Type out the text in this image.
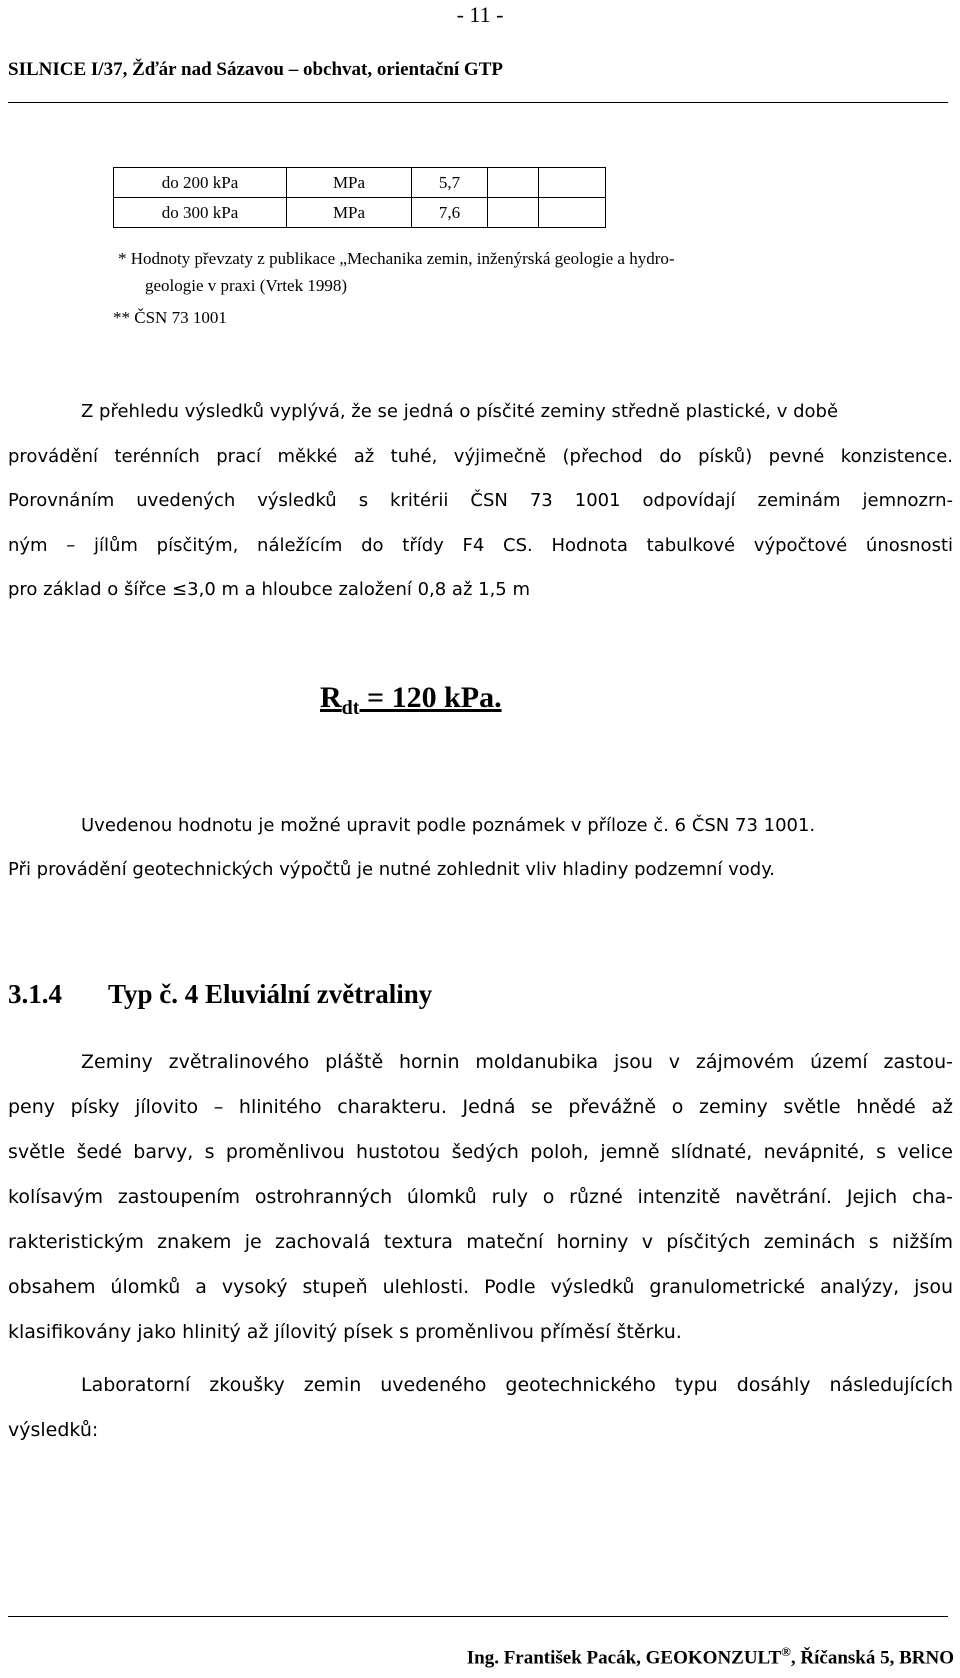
- 11 -
SILNICE I/37, Žďár nad Sázavou – obchvat, orientační GTP
do 200 kPa	MPa	5,7		
do 300 kPa	MPa	7,6		
* Hodnoty převzaty z publikace „Mechanika zemin, inženýrská geologie a hydro-
geologie v praxi (Vrtek 1998)
** ČSN 73 1001
Z přehledu výsledků vyplývá, že se jedná o písčité zeminy středně plastické, v době
provádění terénních prací měkké až tuhé, výjimečně (přechod do písků) pevné konzistence.
Porovnáním uvedených výsledků s kritérii ČSN 73 1001 odpovídají zeminám jemnozrn-
ným – jílům písčitým, náležícím do třídy F4 CS. Hodnota tabulkové výpočtové únosnosti
pro základ o šířce ≤3,0 m a hloubce založení 0,8 až 1,5 m
$R_{dt} = 120$ kPa.
Uvedenou hodnotu je možné upravit podle poznámek v příloze č. 6 ČSN 73 1001.
Při provádění geotechnických výpočtů je nutné zohlednit vliv hladiny podzemní vody.
3.1.4 Typ č. 4 Eluviální zvětraliny
Zeminy zvětralinového pláště hornin moldanubika jsou v zájmovém území zastou-
peny písky jílovito – hlinitého charakteru. Jedná se převážně o zeminy světle hnědé až
světle šedé barvy, s proměnlivou hustotou šedých poloh, jemně slídnaté, nevápnité, s velice
kolísavým zastoupením ostrohranných úlomků ruly o různé intenzitě navětrání. Jejich cha-
rakteristickým znakem je zachovalá textura mateční horniny v písčitých zeminách s nižším
obsahem úlomků a vysoký stupeň ulehlosti. Podle výsledků granulometrické analýzy, jsou
klasifikovány jako hlinitý až jílovitý písek s proměnlivou příměsí štěrku.
Laboratorní zkoušky zemin uvedeného geotechnického typu dosáhly následujících
výsledků:
Ing. František Pacák, GEOKONZULT®, Říčanská 5, BRNO
